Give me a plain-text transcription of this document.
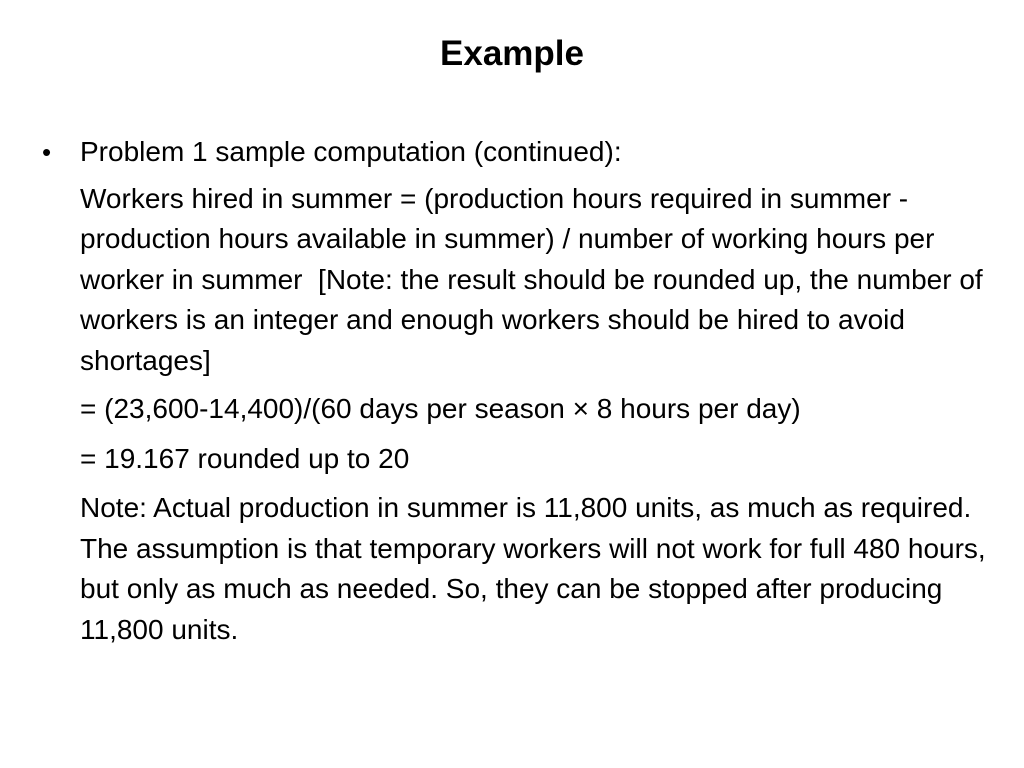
Example
•	Problem 1 sample computation (continued):
Workers hired in summer = (production hours required in summer - production hours available in summer) / number of working hours per worker in summer  [Note: the result should be rounded up, the number of workers is an integer and enough workers should be hired to avoid shortages]
= (23,600-14,400)/(60 days per season × 8 hours per day)
= 19.167 rounded up to 20
Note: Actual production in summer is 11,800 units, as much as required. The assumption is that temporary workers will not work for full 480 hours, but only as much as needed. So, they can be stopped after producing 11,800 units.
